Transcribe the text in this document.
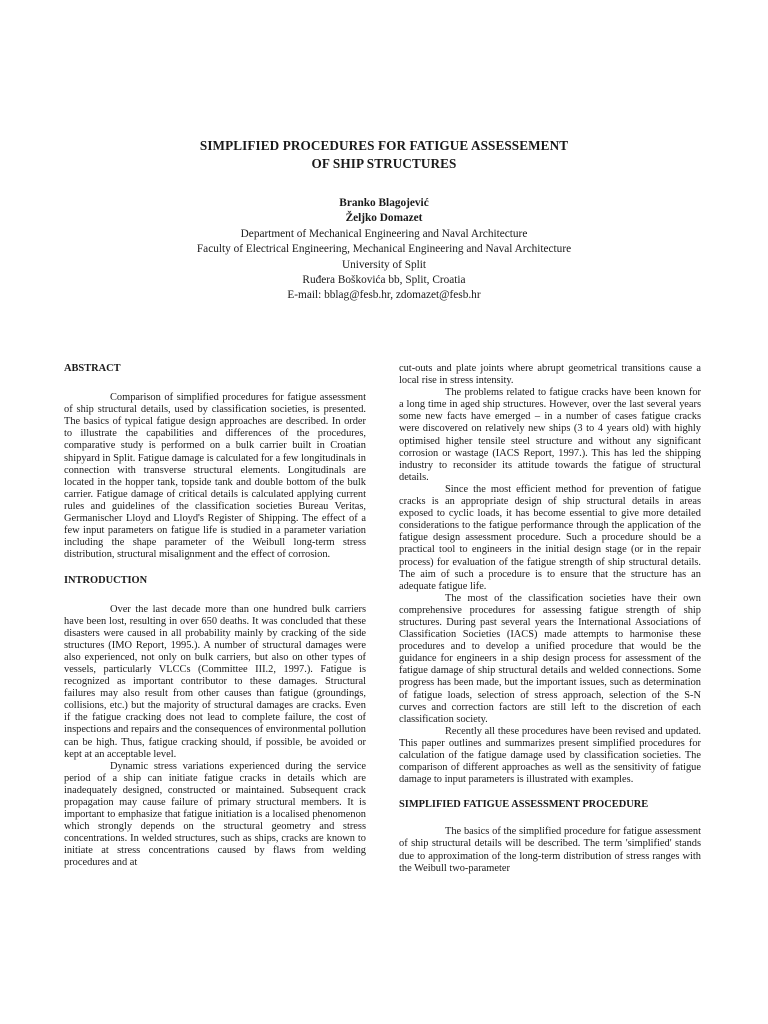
SIMPLIFIED PROCEDURES FOR FATIGUE ASSESSEMENT
OF SHIP STRUCTURES
Branko Blagojević
Željko Domazet
Department of Mechanical Engineering and Naval Architecture
Faculty of Electrical Engineering, Mechanical Engineering and Naval Architecture
University of Split
Ruđera Boškovića bb, Split, Croatia
E-mail: bblag@fesb.hr, zdomazet@fesb.hr
ABSTRACT

Comparison of simplified procedures for fatigue assessment of ship structural details, used by classification societies, is presented. The basics of typical fatigue design approaches are described. In order to illustrate the capabilities and differences of the procedures, comparative study is performed on a bulk carrier built in Croatian shipyard in Split. Fatigue damage is calculated for a few longitudinals in connection with transverse structural elements. Longitudinals are located in the hopper tank, topside tank and double bottom of the bulk carrier. Fatigue damage of critical details is calculated applying current rules and guidelines of the classification societies Bureau Veritas, Germanischer Lloyd and Lloyd's Register of Shipping. The effect of a few input parameters on fatigue life is studied in a parameter variation including the shape parameter of the Weibull long-term stress distribution, structural misalignment and the effect of corrosion.

INTRODUCTION

Over the last decade more than one hundred bulk carriers have been lost, resulting in over 650 deaths. It was concluded that these disasters were caused in all probability mainly by cracking of the side structures (IMO Report, 1995.). A number of structural damages were also experienced, not only on bulk carriers, but also on other types of vessels, particularly VLCCs (Committee III.2, 1997.). Fatigue is recognized as important contributor to these damages. Structural failures may also result from other causes than fatigue (groundings, collisions, etc.) but the majority of structural damages are cracks. Even if the fatigue cracking does not lead to complete failure, the cost of inspections and repairs and the consequences of environmental pollution can be high. Thus, fatigue cracking should, if possible, be avoided or kept at an acceptable level.

Dynamic stress variations experienced during the service period of a ship can initiate fatigue cracks in details which are inadequately designed, constructed or maintained. Subsequent crack propagation may cause failure of primary structural members. It is important to emphasize that fatigue initiation is a localised phenomenon which strongly depends on the structural geometry and stress concentrations. In welded structures, such as ships, cracks are known to initiate at stress concentrations caused by flaws from welding procedures and at

cut-outs and plate joints where abrupt geometrical transitions cause a local rise in stress intensity.

The problems related to fatigue cracks have been known for a long time in aged ship structures. However, over the last several years some new facts have emerged – in a number of cases fatigue cracks were discovered on relatively new ships (3 to 4 years old) with highly optimised higher tensile steel structure and without any significant corrosion or wastage (IACS Report, 1997.). This has led the shipping industry to reconsider its attitude towards the fatigue of structural details.

Since the most efficient method for prevention of fatigue cracks is an appropriate design of ship structural details in areas exposed to cyclic loads, it has become essential to give more detailed considerations to the fatigue performance through the application of the fatigue design assessment procedure. Such a procedure should be a practical tool to engineers in the initial design stage (or in the repair process) for evaluation of the fatigue strength of ship structural details. The aim of such a procedure is to ensure that the structure has an adequate fatigue life.

The most of the classification societies have their own comprehensive procedures for assessing fatigue strength of ship structures. During past several years the International Associations of Classification Societies (IACS) made attempts to harmonise these procedures and to develop a unified procedure that would be the guidance for engineers in a ship design process for assessment of the fatigue damage of ship structural details and welded connections. Some progress has been made, but the important issues, such as determination of fatigue loads, selection of stress approach, selection of the S-N curves and correction factors are still left to the discretion of each classification society.

Recently all these procedures have been revised and updated. This paper outlines and summarizes present simplified procedures for calculation of the fatigue damage used by classification societies. The comparison of different approaches as well as the sensitivity of fatigue damage to input parameters is illustrated with examples.

SIMPLIFIED FATIGUE ASSESSMENT PROCEDURE

The basics of the simplified procedure for fatigue assessment of ship structural details will be described. The term 'simplified' stands due to approximation of the long-term distribution of stress ranges with the Weibull two-parameter
